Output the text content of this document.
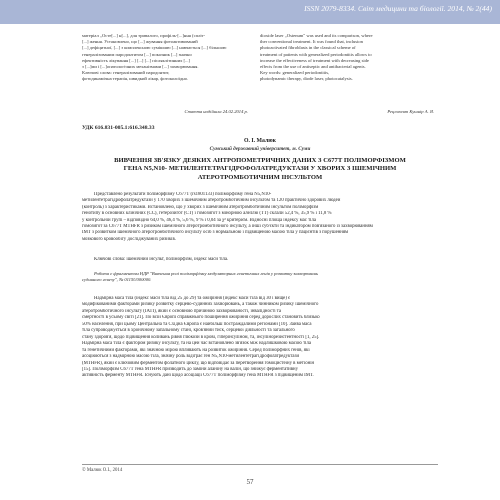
ISSN 2079-8334. Світ медицини та біології. 2014, № 2(44)
матеріал „Осте[...] н[...], для тривалого, профіль-[...]ння (спліт-
[...] ження. Установлено, що [...] жування фотоактивований
[...] дефіцитної, [...] з комплексною сумішшю [...] навчається [...] більшою
генералізованим пародонтитом [...] показник [...] значно
ефективність лікування [...] [...] [...] післяклітинних [...]
з [...]ми і [...]опатологічних механізмами [...] захворювання.
Ключові слова: генералізований пародонтит,
фотодинамічна терапія, швидкий лікар, фотоколоїдно.
dioxide laser „Ostenum" was used and its comparison, where
ther conventional treatment. It was found that, inclusion
photoactivated fibroblasts in the classical scheme of
treatment of patients with generalized periodontitis allows to
increase the effectiveness of treatment with decreasing side
effects from the use of antiseptic and antibacterial agents.
Key words: generalized periodontitis,
photodynamic therapy, diode laser, photocatalysis.
Стаття надійшла 24.02.2014 р.	Рецензент Кушнір А. Я.
УДК 616.831-005.1:616.348.33
О. І. Малюк
Сумський державний університет, м. Суми
ВИВЧЕННЯ ЗВ'ЯЗКУ ДЕЯКИХ АНТРОПОМЕТРИЧНИХ ДАНИХ З С677Т ПОЛІМОРФІЗМОМ
ГЕНА N5,N10- МЕТИЛЕНТЕТРАГІДРОФОЛАТРЕДУКТАЗИ У ХВОРИХ З ІШЕМІЧНИМ
АТЕРОТРОМБОТИЧНИМ ІНСУЛЬТОМ
Представлено результати поліморфізму С677Т (rs1801133) поліморфізму гена N5,N10-
метилентетрагідрофолатредуктази у 170 хворих з ішемічним атеротромботичним інсультом та 120 практично здорових людей
(контроль) з характеристиками. Встановлено, що у хворих з ішемічним атеротромботичним інсультом поліморфізм
генотипу в основних клінічних (СС), гетерозигот (СТ) і гомозигот з мінорною алеллю (ТТ) склали 52,4 %, 35,9 % і 11,8 %
у контрольній групі – відповідно 64,0 %, 46,4 %, 5,6 %, 9 % і 0,04 за χ² критерієм. Відносні площа індексу мас тіла
гомозигот за С677Т МТНFR з ризиком ішемічного атеротромботичного інсульту, а інші суб'єкти та індикатором пов'язаного із захворюванням
ІМТ з розвитком ішемічного атеротромботичного інсульту осіб з нормальною і підвищеною масою тіла у пацієнтів з порушенням
мозкового кровообігу досліджуваних ризиків.
Ключові слова: ішемічний інсульт, поліморфізм, індекс маси тіла.
Робота є фрагментом НДР "Вивчення ролі поліморфізму модуляторних генетичних генів у розвитку захворювань
судинного генезу", № 0115U000000.
Надмірна маса тіла (індекс маси тіла від 25 до 29) та ожиріння (індекс маси тіла від 30 і вище) є
модифікованими факторами ризику розвитку серцево-судинних захворювань, а також чинником ризику ішемічного
атеротромботичного інсульту (ІАТІ), який є основною причиною захворюваності, інвалідності та
смертності в усьому світі [21]. По всій Європі справжнього поширення ожиріння серед дорослих становить близько
50% населення, при цьому Центральна та Східна Європа є найбільш постраждалими регіонами [10]. Зайва маса
тіла супроводжується в хронічному запальному стані, кров'яний тиск, серцевої діяльності та загального
стану здоров'я, щодо підвищення коливань рівня глюкози в крові, гіперінсуліном, та, інсулінорезистентності [1, 25].
Надмірна маса тіла є фактором ризику інсульту, та на цей час встановлено зв'язок між надлишковою масою тіла
та генетичними факторами, які значною мірою впливають на розвиток ожиріння. Серед поліморфних генів, які
асоціюються з надмірною масою тіла, значну роль відіграє ген N5,N10-метилентетрагідрофолатредуктази
(МТНFR), який є ключовим ферментом фолатного циклу, що відповідає за перетворення гомоцистеїну в метіонін
[15]. Поліморфізм С677Т гена МТНFR призводить до заміни аланіну на валін, що знижує ферментативну
активність ферменту МТНFR. Існують дані щодо асоціації С677Т поліморфізму гена МТНFR з підвищеним ІМТ.
© Малюк О.І., 2014
57
